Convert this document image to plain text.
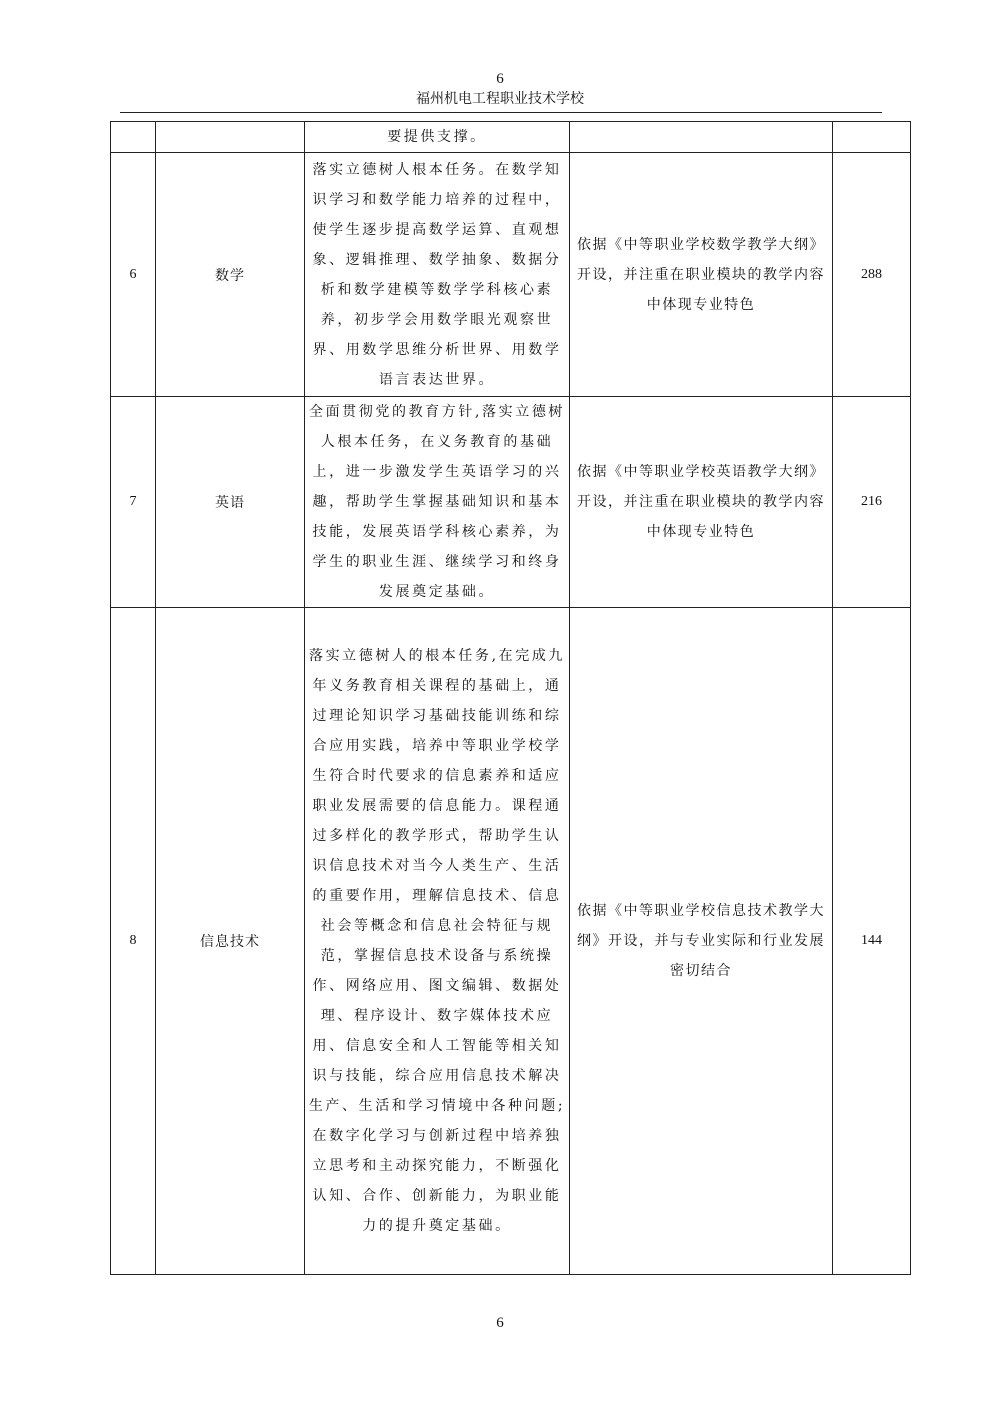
6
福州机电工程职业技术学校

		要提供支撑。		

6	数学	落实立德树人根本任务。在数学知识学习和数学能力培养的过程中，使学生逐步提高数学运算、直观想象、逻辑推理、数学抽象、数据分析和数学建模等数学学科核心素养，初步学会用数学眼光观察世界、用数学思维分析世界、用数学语言表达世界。	依据《中等职业学校数学教学大纲》开设，并注重在职业模块的教学内容中体现专业特色	288
7	英语	全面贯彻党的教育方针,落实立德树人根本任务，在义务教育的基础上，进一步激发学生英语学习的兴趣，帮助学生掌握基础知识和基本技能，发展英语学科核心素养，为学生的职业生涯、继续学习和终身发展奠定基础。	依据《中等职业学校英语教学大纲》开设，并注重在职业模块的教学内容中体现专业特色	216
8	信息技术	落实立德树人的根本任务,在完成九年义务教育相关课程的基础上，通过理论知识学习基础技能训练和综合应用实践，培养中等职业学校学生符合时代要求的信息素养和适应职业发展需要的信息能力。课程通过多样化的教学形式，帮助学生认识信息技术对当今人类生产、生活的重要作用，理解信息技术、信息社会等概念和信息社会特征与规范，掌握信息技术设备与系统操作、网络应用、图文编辑、数据处理、程序设计、数字媒体技术应用、信息安全和人工智能等相关知识与技能，综合应用信息技术解决生产、生活和学习情境中各种问题;在数字化学习与创新过程中培养独立思考和主动探究能力，不断强化认知、合作、创新能力，为职业能力的提升奠定基础。	依据《中等职业学校信息技术教学大纲》开设，并与专业实际和行业发展密切结合	144
6
